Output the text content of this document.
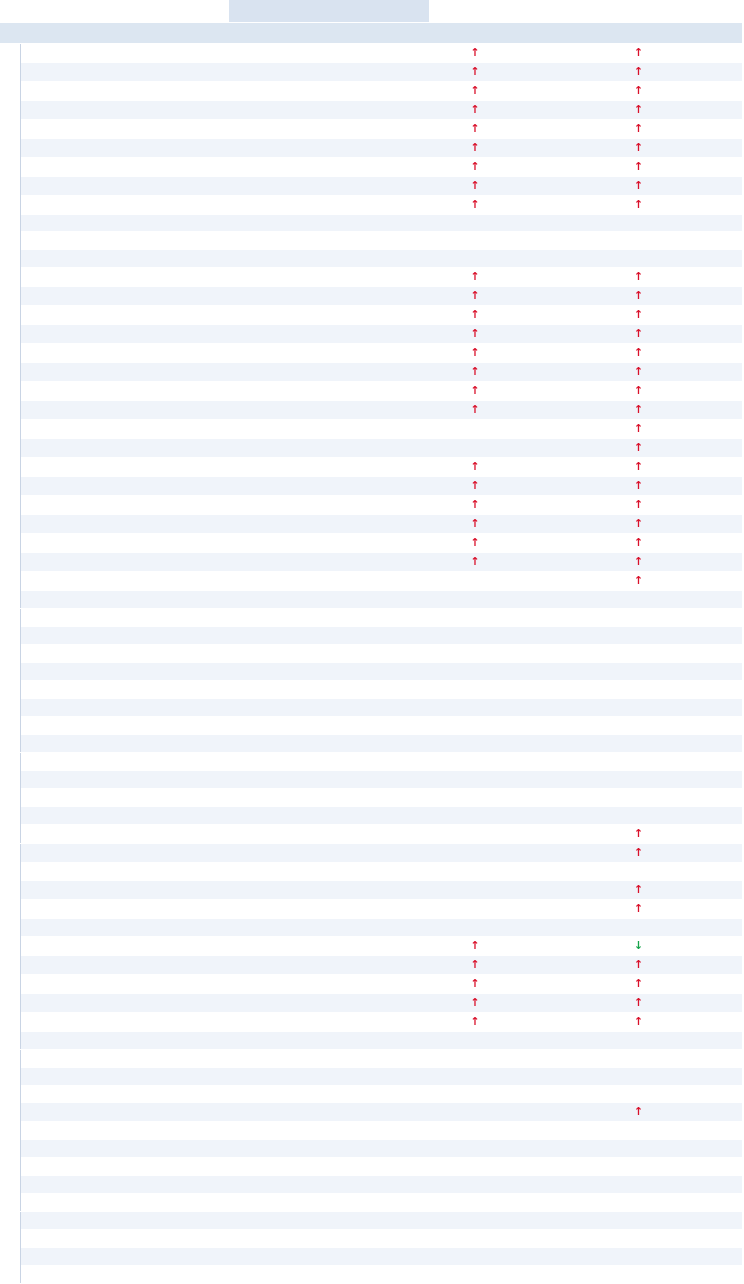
						↑		↑	
						↑		↑	
						↑		↑	
						↑		↑	
						↑		↑	
						↑		↑	
						↑		↑	
						↑		↑	
						↑		↑	

						↑		↑	
						↑		↑	
						↑		↑	
						↑		↑	
						↑		↑	
						↑		↑	
						↑		↑	
						↑		↑	
								↑	
								↑	
						↑		↑	
						↑		↑	
						↑		↑	
						↑		↑	
						↑		↑	
						↑		↑	
								↑	

								↑	
								↑	

								↑	
								↑	

						↑		↓	
						↑		↑	
						↑		↑	
						↑		↑	
						↑		↑	

								↑	
